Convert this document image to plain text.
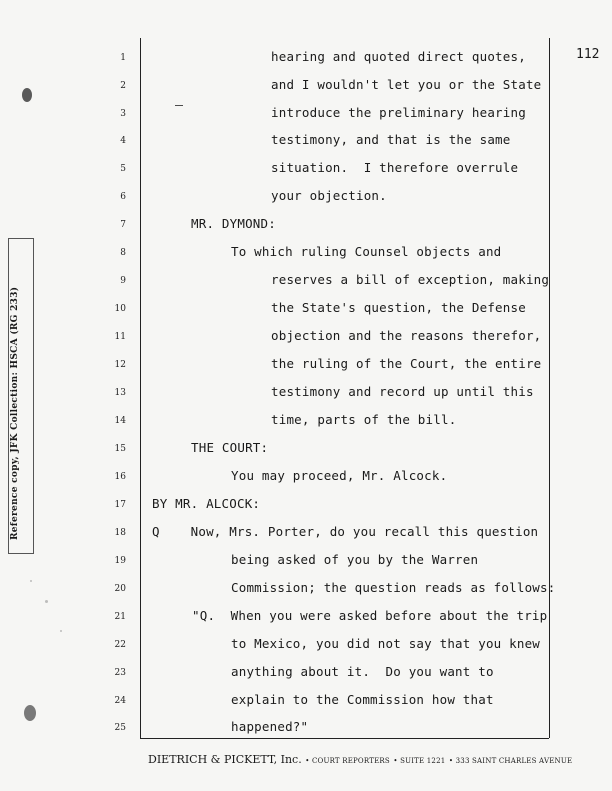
Reference copy, JFK Collection: HSCA (RG 233)
112
1
2
3
4
5
6
7
8
9
10
11
12
13
14
15
16
17
18
19
20
21
22
23
24
25
hearing and quoted direct quotes,
and I wouldn't let you or the State
introduce the preliminary hearing
testimony, and that is the same
situation.  I therefore overrule
your objection.
MR. DYMOND:
To which ruling Counsel objects and
reserves a bill of exception, making
the State's question, the Defense
objection and the reasons therefor,
the ruling of the Court, the entire
testimony and record up until this
time, parts of the bill.
THE COURT:
You may proceed, Mr. Alcock.
BY MR. ALCOCK:
Q    Now, Mrs. Porter, do you recall this question
being asked of you by the Warren
Commission; the question reads as follows:
"Q.  When you were asked before about the trip
to Mexico, you did not say that you knew
anything about it.  Do you want to
explain to the Commission how that
happened?"
DIETRICH & PICKETT, Inc. • COURT REPORTERS • SUITE 1221 • 333 SAINT CHARLES AVENUE
